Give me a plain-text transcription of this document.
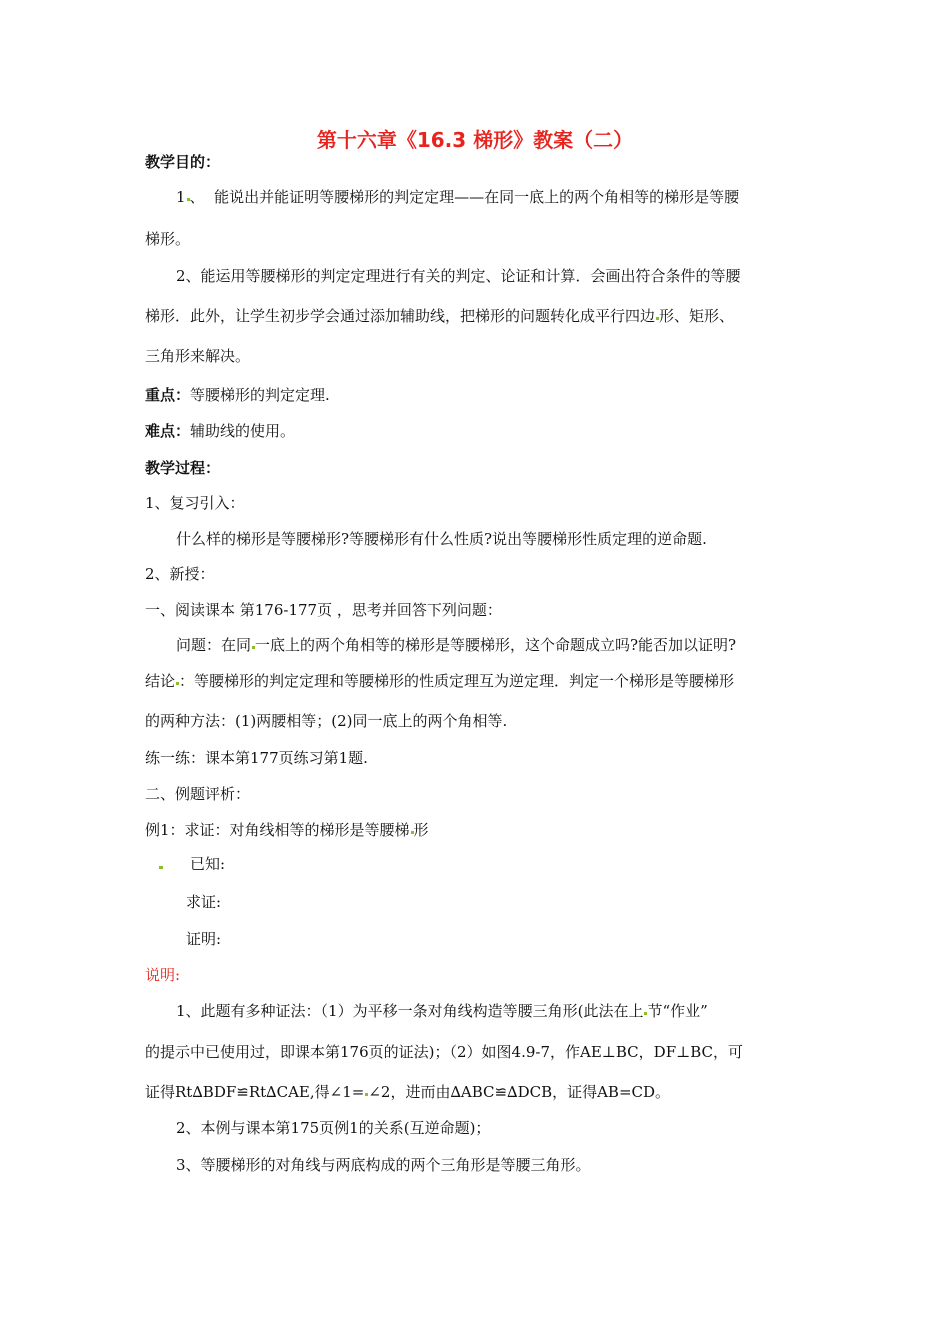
第十六章《16.3 梯形》教案（二）
教学目的：
1 、 能说出并能证明等腰梯形的判定定理——在同一底上的两个角相等的梯形是等腰
梯形。
2、能运用等腰梯形的判定定理进行有关的判定、论证和计算．会画出符合条件的等腰
梯形．此外，让学生初步学会通过添加辅助线，把梯形的问题转化成平行四边 形、矩形、
三角形来解决。
重点：等腰梯形的判定定理.
难点：辅助线的使用。
教学过程：
1、复习引入：
什么样的梯形是等腰梯形?等腰梯形有什么性质?说出等腰梯形性质定理的逆命题.
2、新授：
一、阅读课本 第176-177页 ，思考并回答下列问题：
问题：在同 一底上的两个角相等的梯形是等腰梯形，这个命题成立吗?能否加以证明?
结论 ：等腰梯形的判定定理和等腰梯形的性质定理互为逆定理．判定一个梯形是等腰梯形
的两种方法：(1)两腰相等；(2)同一底上的两个角相等.
练一练：课本第177页练习第1题.
二、例题评析：
例1：求证：对角线相等的梯形是等腰梯 形
已知:
求证:
证明:
说明:
1、此题有多种证法：（1）为平移一条对角线构造等腰三角形(此法在上 节“作业”
的提示中已使用过，即课本第176页的证法)；（2）如图4.9-7，作AE⊥BC，DF⊥BC，可
证得Rt∆BDF≌Rt∆CAE,得∠1= ∠2，进而由∆ABC≌∆DCB，证得AB=CD。
2、本例与课本第175页例1的关系(互逆命题)；
3、等腰梯形的对角线与两底构成的两个三角形是等腰三角形。
